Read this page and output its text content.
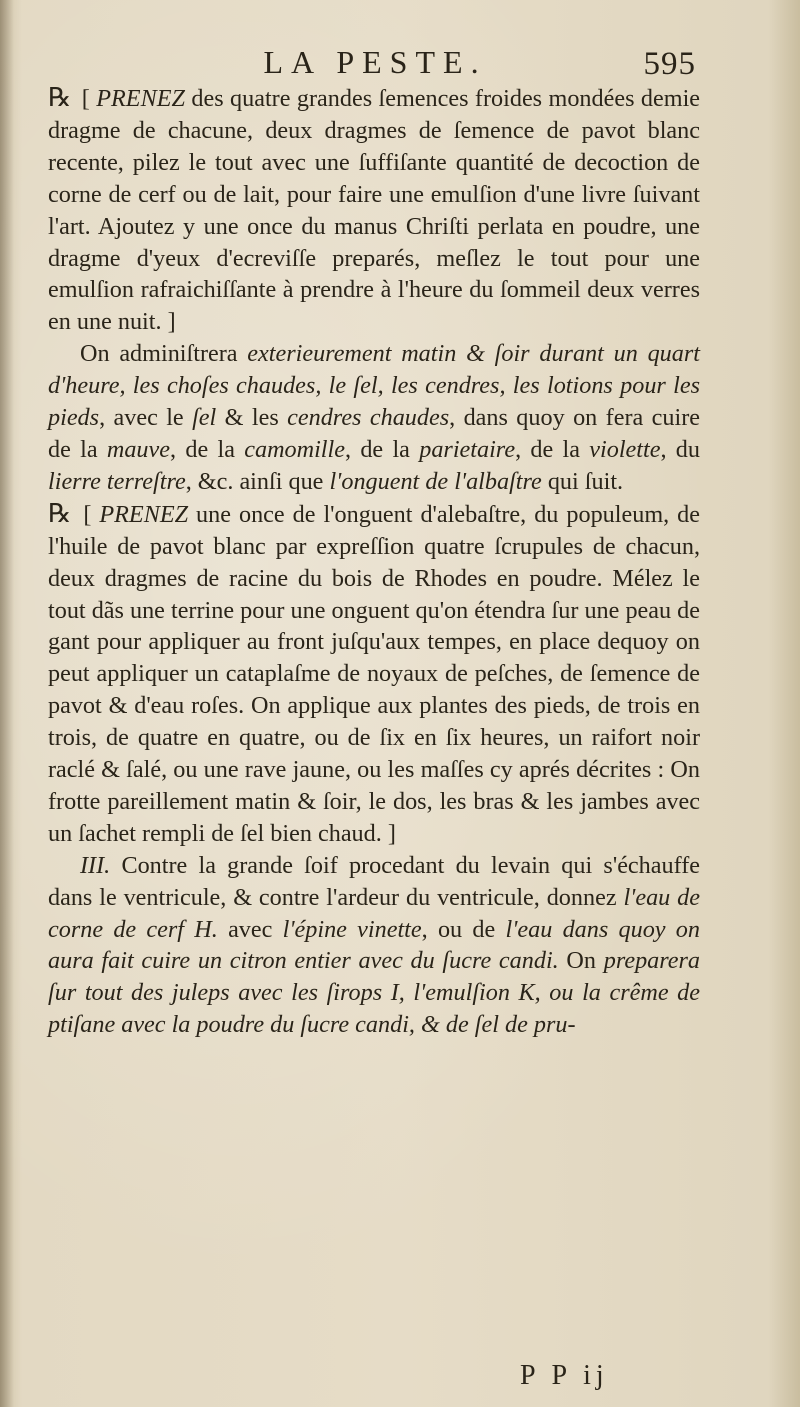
LA PESTE.	595

℞ [ PRENEZ des quatre grandes ſemences froides mondées demie dragme de chacune, deux dragmes de ſemence de pavot blanc recente, pilez le tout avec une ſuffiſante quantité de decoction de corne de cerf ou de lait, pour faire une emulſion d'une livre ſuivant l'art. Ajoutez y une once du manus Chriſti perlata en poudre, une dragme d'yeux d'ecreviſſe preparés, meſlez le tout pour une emulſion rafraichiſſante à prendre à l'heure du ſommeil deux verres en une nuit. ]

On adminiſtrera exterieurement matin & ſoir durant un quart d'heure, les choſes chaudes, le ſel, les cendres, les lotions pour les pieds, avec le ſel & les cendres chaudes, dans quoy on fera cuire de la mauve, de la camomille, de la parietaire, de la violette, du lierre terreſtre, &c. ainſi que l'onguent de l'albaſtre qui ſuit.

℞ [ PRENEZ une once de l'onguent d'alebaſtre, du populeum, de l'huile de pavot blanc par expreſſion quatre ſcrupules de chacun, deux dragmes de racine du bois de Rhodes en poudre. Mélez le tout dãs une terrine pour une onguent qu'on étendra ſur une peau de gant pour appliquer au front juſqu'aux tempes, en place dequoy on peut appliquer un cataplaſme de noyaux de peſches, de ſemence de pavot & d'eau roſes. On applique aux plantes des pieds, de trois en trois, de quatre en quatre, ou de ſix en ſix heures, un raifort noir raclé & ſalé, ou une rave jaune, ou les maſſes cy aprés décrites : On frotte pareillement matin & ſoir, le dos, les bras & les jambes avec un ſachet rempli de ſel bien chaud. ]

III. Contre la grande ſoif procedant du levain qui s'échauffe dans le ventricule, & contre l'ardeur du ventricule, donnez l'eau de corne de cerf H. avec l'épine vinette, ou de l'eau dans quoy on aura fait cuire un citron entier avec du ſucre candi. On preparera ſur tout des juleps avec les ſirops I, l'emulſion K, ou la crême de ptiſane avec la poudre du ſucre candi, & de ſel de pru-

P P ij
